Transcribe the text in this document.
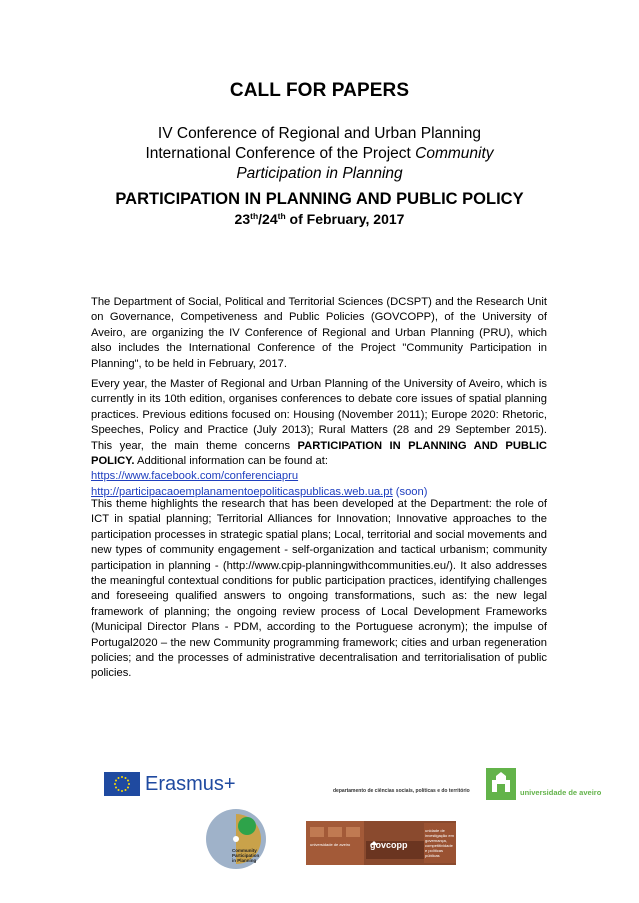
CALL FOR PAPERS
IV Conference of Regional and Urban Planning
International Conference of the Project Community
Participation in Planning
PARTICIPATION IN PLANNING AND PUBLIC POLICY
23th/24th of February, 2017
The Department of Social, Political and Territorial Sciences (DCSPT) and the Research Unit on Governance, Competiveness and Public Policies (GOVCOPP), of the University of Aveiro, are organizing the IV Conference of Regional and Urban Planning (PRU), which also includes the International Conference of the Project "Community Participation in Planning", to be held in February, 2017.
Every year, the Master of Regional and Urban Planning of the University of Aveiro, which is currently in its 10th edition, organises conferences to debate core issues of spatial planning practices. Previous editions focused on: Housing (November 2011); Europe 2020: Rhetoric, Speeches, Policy and Practice (July 2013); Rural Matters (28 and 29 September 2015). This year, the main theme concerns PARTICIPATION IN PLANNING AND PUBLIC POLICY. Additional information can be found at:
https://www.facebook.com/conferenciapru
http://participacaoemplanamentoepoliticaspublicas.web.ua.pt (soon)
This theme highlights the research that has been developed at the Department: the role of ICT in spatial planning; Territorial Alliances for Innovation; Innovative approaches to the participation processes in strategic spatial plans; Local, territorial and social movements and new types of community engagement - self-organization and tactical urbanism; community participation in planning - (http://www.cpip-planningwithcommunities.eu/). It also addresses the meaningful contextual conditions for public participation practices, identifying challenges and foreseeing qualified answers to ongoing transformations, such as: the new legal framework of planning; the ongoing review process of Local Development Frameworks (Municipal Director Plans - PDM, according to the Portuguese acronym); the impulse of Portugal2020 – the new Community programming framework; cities and urban regeneration policies; and the processes of administrative decentralisation and territorialisation of public policies.
Erasmus+	departamento de ciências sociais, políticas e do território	universidade de aveiro
Community Participation in Planning
govcopp
unidade de investigação em governança, competitividade e políticas públicas
universidade de aveiro
